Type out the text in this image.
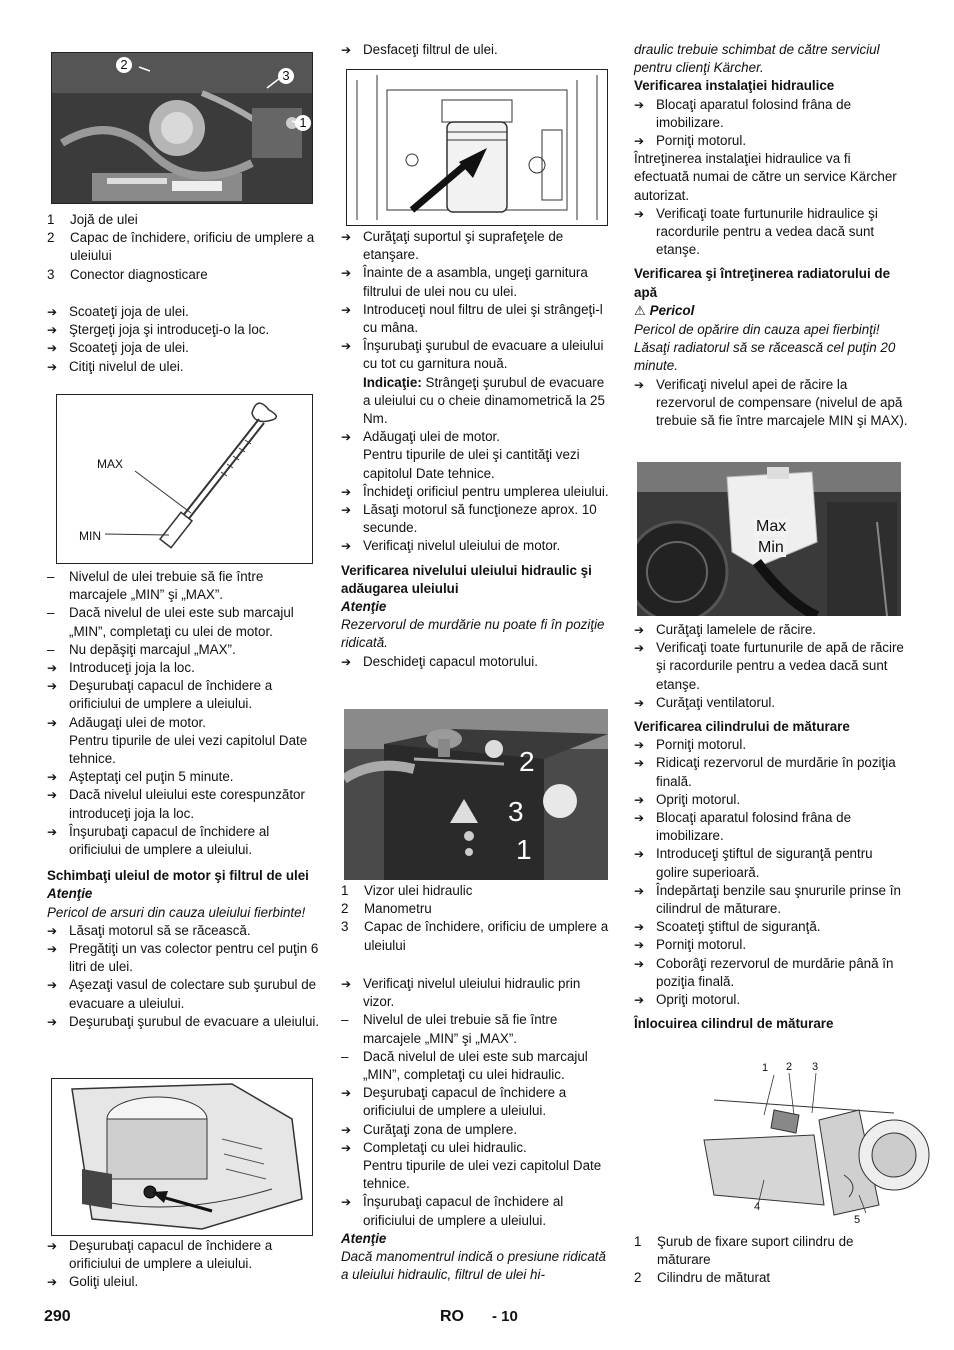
2
3
1
1	Jojă de ulei
2	Capac de închidere, orificiu de umplere a uleiului
3	Conector diagnosticare
➔
Scoateţi joja de ulei.
➔
Ştergeţi joja şi introduceţi-o la loc.
➔
Scoateţi joja de ulei.
➔
Citiţi nivelul de ulei.
MAX
MIN
–
Nivelul de ulei trebuie să fie între marcajele „MIN” şi „MAX”.
–
Dacă nivelul de ulei este sub marcajul „MIN”, completaţi cu ulei de motor.
–
Nu depăşiţi marcajul „MAX”.
➔
Introduceţi joja la loc.
➔
Deşurubaţi capacul de închidere a orificiului de umplere a uleiului.
➔
Adăugaţi ulei de motor.
Pentru tipurile de ulei vezi capitolul Date tehnice.
➔
Aşteptaţi cel puţin 5 minute.
➔
Dacă nivelul uleiului este corespunzător introduceţi joja la loc.
➔
Înşurubaţi capacul de închidere al orificiului de umplere a uleiului.
Schimbaţi uleiul de motor şi filtrul de ulei
Atenţie
Pericol de arsuri din cauza uleiului fierbinte!
➔
Lăsaţi motorul să se răcească.
➔
Pregătiţi un vas colector pentru cel puţin 6 litri de ulei.
➔
Aşezaţi vasul de colectare sub şurubul de evacuare a uleiului.
➔
Deşurubaţi şurubul de evacuare a uleiului.
➔
Deşurubaţi capacul de închidere a orificiului de umplere a uleiului.
➔
Goliţi uleiul.
➔
Desfaceţi filtrul de ulei.
➔
Curăţaţi suportul şi suprafeţele de etanşare.
➔
Înainte de a asambla, ungeţi garnitura filtrului de ulei nou cu ulei.
➔
Introduceţi noul filtru de ulei şi strângeţi-l cu mâna.
➔
Înşurubaţi şurubul de evacuare a uleiului cu tot cu garnitura nouă.
Indicaţie: Strângeţi şurubul de evacuare a uleiului cu o cheie dinamometrică la 25 Nm.
➔
Adăugaţi ulei de motor.
Pentru tipurile de ulei şi cantităţi vezi capitolul Date tehnice.
➔
Închideţi orificiul pentru umplerea uleiului.
➔
Lăsaţi motorul să funcţioneze aprox. 10 secunde.
➔
Verificaţi nivelul uleiului de motor.
Verificarea nivelului uleiului hidraulic şi adăugarea uleiului
Atenţie
Rezervorul de murdărie nu poate fi în poziţie ridicată.
➔
Deschideţi capacul motorului.
2
3
1
1	Vizor ulei hidraulic
2	Manometru
3	Capac de închidere, orificiu de umplere a uleiului
➔
Verificaţi nivelul uleiului hidraulic prin vizor.
–
Nivelul de ulei trebuie să fie între marcajele „MIN” şi „MAX”.
–
Dacă nivelul de ulei este sub marcajul „MIN”, completaţi cu ulei hidraulic.
➔
Deşurubaţi capacul de închidere a orificiului de umplere a uleiului.
➔
Curăţaţi zona de umplere.
➔
Completaţi cu ulei hidraulic.
Pentru tipurile de ulei vezi capitolul Date tehnice.
➔
Înşurubaţi capacul de închidere al orificiului de umplere a uleiului.
Atenţie
Dacă manomentrul indică o presiune ridicată a uleiului hidraulic, filtrul de ulei hi-
draulic trebuie schimbat de către serviciul pentru clienţi Kärcher.
Verificarea instalaţiei hidraulice
➔
Blocaţi aparatul folosind frâna de imobilizare.
➔
Porniţi motorul.
Întreţinerea instalaţiei hidraulice va fi efectuată numai de către un service Kärcher autorizat.
➔
Verificaţi toate furtunurile hidraulice şi racordurile pentru a vedea dacă sunt etanşe.
Verificarea şi întreţinerea radiatorului de apă
⚠ Pericol
Pericol de opărire din cauza apei fierbinţi! Lăsaţi radiatorul să se răcească cel puţin 20 minute.
➔
Verificaţi nivelul apei de răcire la rezervorul de compensare (nivelul de apă trebuie să fie între marcajele MIN şi MAX).
Max
Min
➔
Curăţaţi lamelele de răcire.
➔
Verificaţi toate furtunurile de apă de răcire şi racordurile pentru a vedea dacă sunt etanşe.
➔
Curăţaţi ventilatorul.
Verificarea cilindrului de măturare
➔
Porniţi motorul.
➔
Ridicaţi rezervorul de murdărie în poziţia finală.
➔
Opriţi motorul.
➔
Blocaţi aparatul folosind frâna de imobilizare.
➔
Introduceţi ştiftul de siguranţă pentru golire superioară.
➔
Îndepărtaţi benzile sau şnururile prinse în cilindrul de măturare.
➔
Scoateţi ştiftul de siguranţă.
➔
Porniţi motorul.
➔
Coborâţi rezervorul de murdărie până în poziţia finală.
➔
Opriţi motorul.
Înlocuirea cilindrul de măturare
1 2 3
4
5
1	Şurub de fixare suport cilindru de măturare
2	Cilindru de măturat
290	RO - 10
